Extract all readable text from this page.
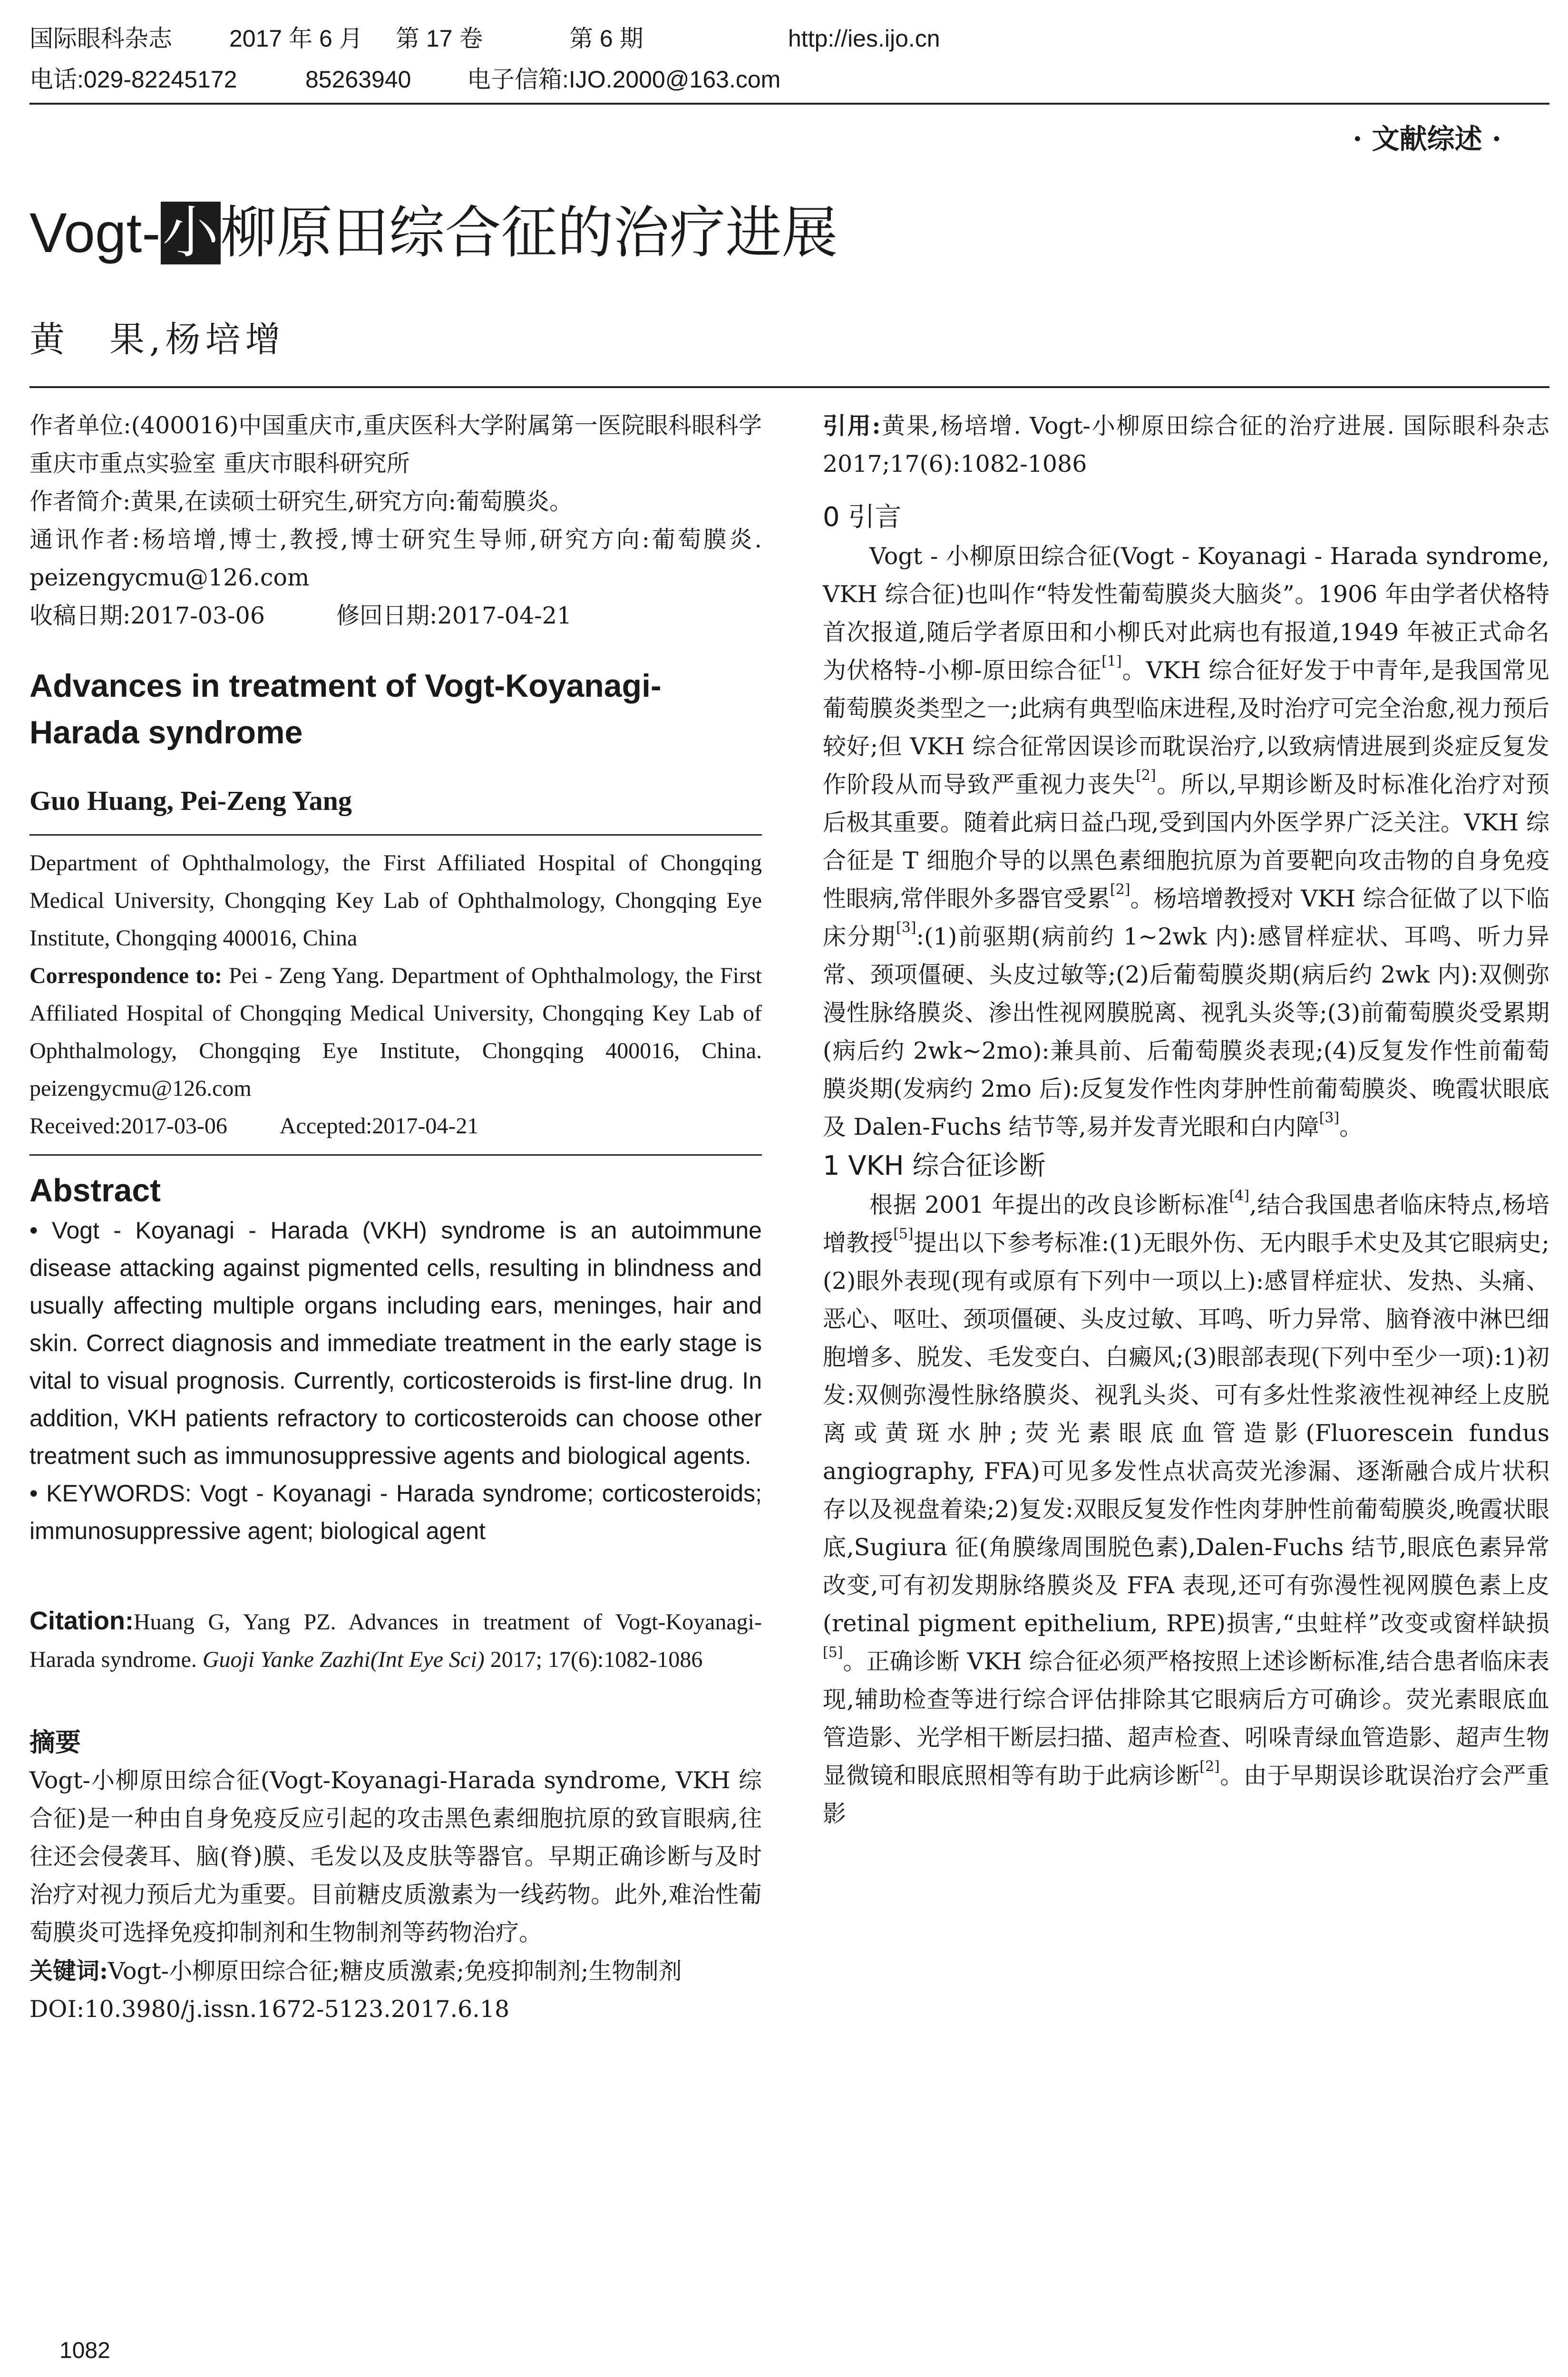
国际眼科杂志 2017 年 6 月 第 17 卷	第 6 期	http://ies.ijo.cn
电话:029-82245172	85263940 电子信箱:IJO.2000@163.com
· 文献综述 ·
Vogt-小柳原田综合征的治疗进展
黄　果,杨培增

作者单位:(400016)中国重庆市,重庆医科大学附属第一医院眼科眼科学重庆市重点实验室 重庆市眼科研究所

作者简介:黄果,在读硕士研究生,研究方向:葡萄膜炎。

通讯作者:杨培增,博士,教授,博士研究生导师,研究方向:葡萄膜炎. peizengycmu@126.com

收稿日期:2017-03-06	修回日期:2017-04-21

Advances in treatment of Vogt-Koyanagi-Harada syndrome

Guo Huang, Pei-Zeng Yang

Department of Ophthalmology, the First Affiliated Hospital of Chongqing Medical University, Chongqing Key Lab of Ophthalmology, Chongqing Eye Institute, Chongqing 400016, China

Correspondence to: Pei - Zeng Yang. Department of Ophthalmology, the First Affiliated Hospital of Chongqing Medical University, Chongqing Key Lab of Ophthalmology, Chongqing Eye Institute, Chongqing 400016, China. peizengycmu@126.com

Received:2017-03-06 Accepted:2017-04-21

Abstract

• Vogt - Koyanagi - Harada (VKH) syndrome is an autoimmune disease attacking against pigmented cells, resulting in blindness and usually affecting multiple organs including ears, meninges, hair and skin. Correct diagnosis and immediate treatment in the early stage is vital to visual prognosis. Currently, corticosteroids is first-line drug. In addition, VKH patients refractory to corticosteroids can choose other treatment such as immunosuppressive agents and biological agents.

• KEYWORDS: Vogt - Koyanagi - Harada syndrome; corticosteroids; immunosuppressive agent; biological agent

Citation:Huang G, Yang PZ. Advances in treatment of Vogt-Koyanagi-Harada syndrome. Guoji Yanke Zazhi(Int Eye Sci) 2017; 17(6):1082-1086

摘要

Vogt-小柳原田综合征(Vogt-Koyanagi-Harada syndrome, VKH 综合征)是一种由自身免疫反应引起的攻击黑色素细胞抗原的致盲眼病,往往还会侵袭耳、脑(脊)膜、毛发以及皮肤等器官。早期正确诊断与及时治疗对视力预后尤为重要。目前糖皮质激素为一线药物。此外,难治性葡萄膜炎可选择免疫抑制剂和生物制剂等药物治疗。

关键词:Vogt-小柳原田综合征;糖皮质激素;免疫抑制剂;生物制剂

DOI:10.3980/j.issn.1672-5123.2017.6.18

引用:黄果,杨培增. Vogt-小柳原田综合征的治疗进展. 国际眼科杂志 2017;17(6):1082-1086

0 引言

Vogt - 小柳原田综合征(Vogt - Koyanagi - Harada syndrome, VKH 综合征)也叫作“特发性葡萄膜炎大脑炎”。1906 年由学者伏格特首次报道,随后学者原田和小柳氏对此病也有报道,1949 年被正式命名为伏格特-小柳-原田综合征[1]。VKH 综合征好发于中青年,是我国常见葡萄膜炎类型之一;此病有典型临床进程,及时治疗可完全治愈,视力预后较好;但 VKH 综合征常因误诊而耽误治疗,以致病情进展到炎症反复发作阶段从而导致严重视力丧失[2]。所以,早期诊断及时标准化治疗对预后极其重要。随着此病日益凸现,受到国内外医学界广泛关注。VKH 综合征是 T 细胞介导的以黑色素细胞抗原为首要靶向攻击物的自身免疫性眼病,常伴眼外多器官受累[2]。杨培增教授对 VKH 综合征做了以下临床分期[3]:(1)前驱期(病前约 1~2wk 内):感冒样症状、耳鸣、听力异常、颈项僵硬、头皮过敏等;(2)后葡萄膜炎期(病后约 2wk 内):双侧弥漫性脉络膜炎、渗出性视网膜脱离、视乳头炎等;(3)前葡萄膜炎受累期(病后约 2wk~2mo):兼具前、后葡萄膜炎表现;(4)反复发作性前葡萄膜炎期(发病约 2mo 后):反复发作性肉芽肿性前葡萄膜炎、晚霞状眼底及 Dalen-Fuchs 结节等,易并发青光眼和白内障[3]。

1 VKH 综合征诊断

根据 2001 年提出的改良诊断标准[4],结合我国患者临床特点,杨培增教授[5]提出以下参考标准:(1)无眼外伤、无内眼手术史及其它眼病史;(2)眼外表现(现有或原有下列中一项以上):感冒样症状、发热、头痛、恶心、呕吐、颈项僵硬、头皮过敏、耳鸣、听力异常、脑脊液中淋巴细胞增多、脱发、毛发变白、白癜风;(3)眼部表现(下列中至少一项):1)初发:双侧弥漫性脉络膜炎、视乳头炎、可有多灶性浆液性视神经上皮脱离或黄斑水肿;荧光素眼底血管造影(Fluorescein fundus angiography, FFA)可见多发性点状高荧光渗漏、逐渐融合成片状积存以及视盘着染;2)复发:双眼反复发作性肉芽肿性前葡萄膜炎,晚霞状眼底,Sugiura 征(角膜缘周围脱色素),Dalen-Fuchs 结节,眼底色素异常改变,可有初发期脉络膜炎及 FFA 表现,还可有弥漫性视网膜色素上皮(retinal pigment epithelium, RPE)损害,“虫蛀样”改变或窗样缺损[5]。正确诊断 VKH 综合征必须严格按照上述诊断标准,结合患者临床表现,辅助检查等进行综合评估排除其它眼病后方可确诊。荧光素眼底血管造影、光学相干断层扫描、超声检查、吲哚青绿血管造影、超声生物显微镜和眼底照相等有助于此病诊断[2]。由于早期误诊耽误治疗会严重影

1082
